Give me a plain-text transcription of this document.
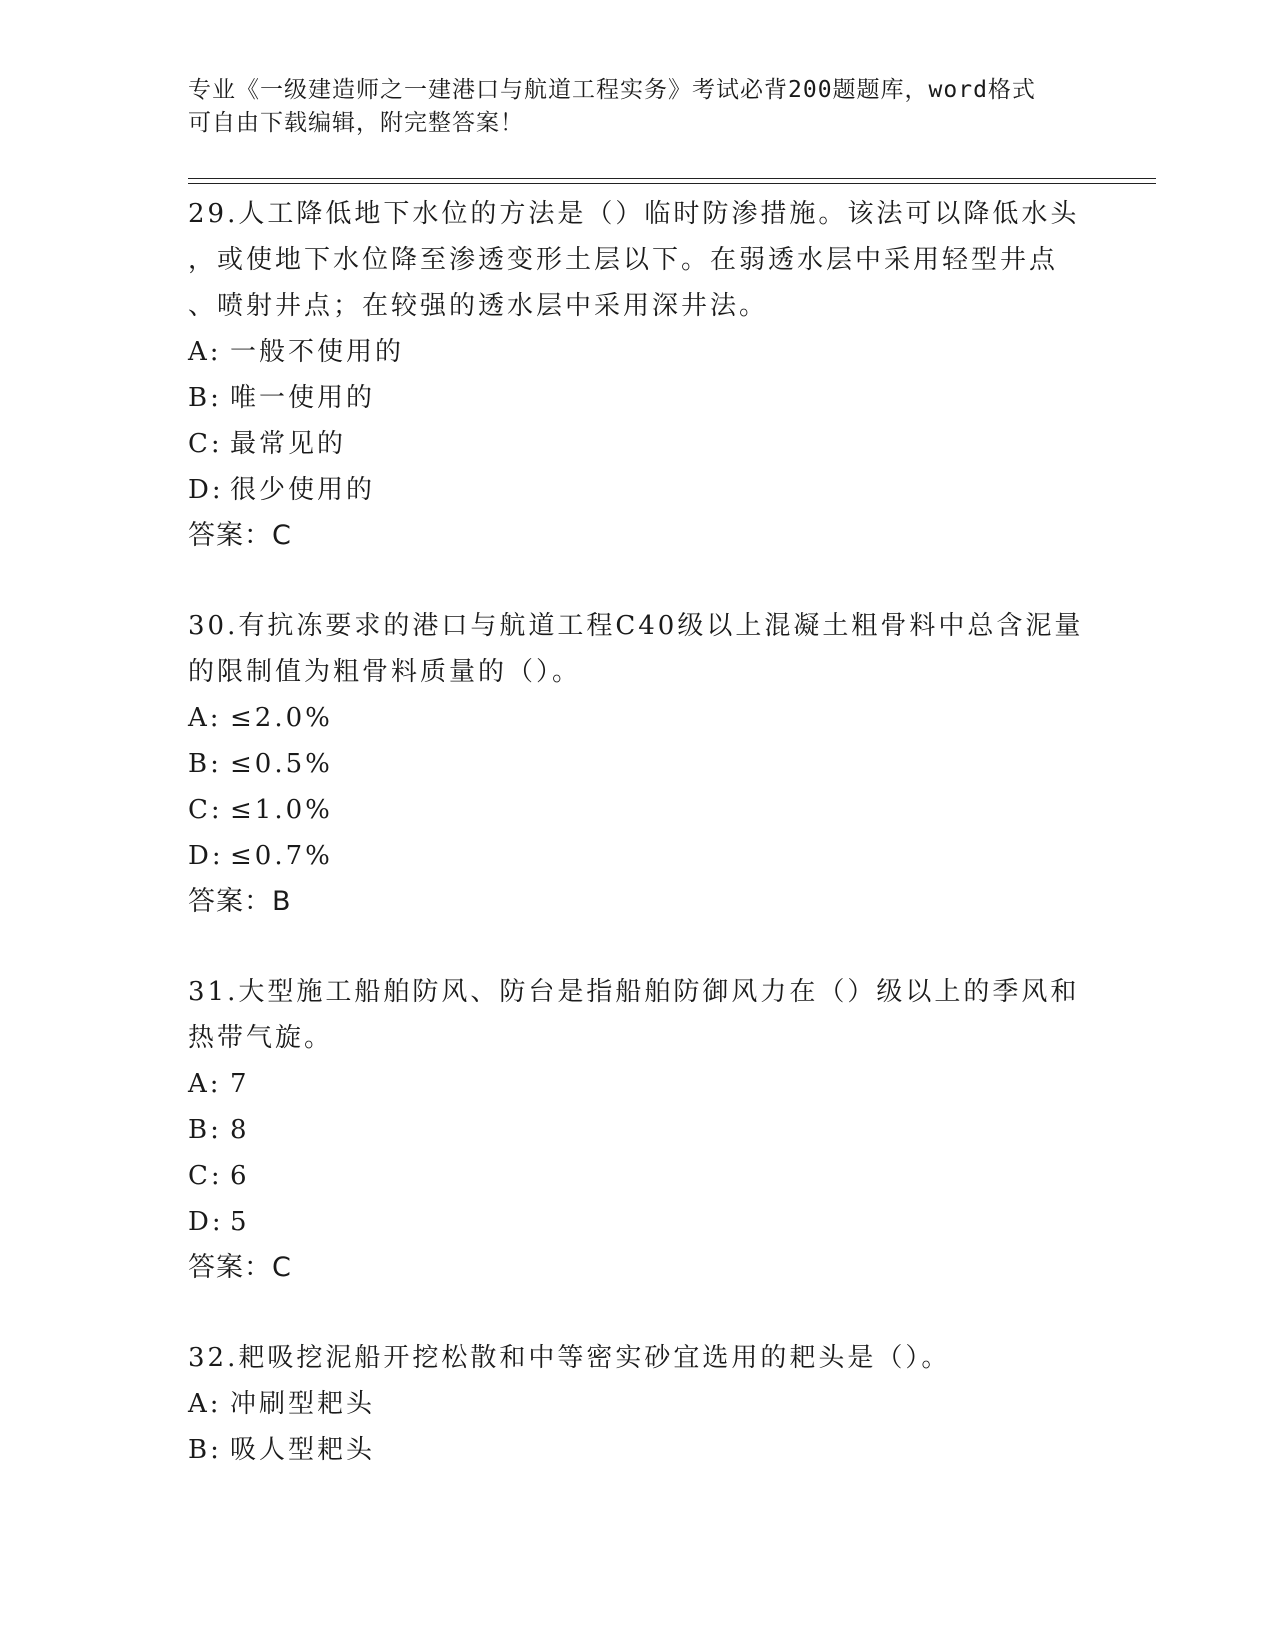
专业《一级建造师之一建港口与航道工程实务》考试必背200题题库，word格式
可自由下载编辑，附完整答案！
29.人工降低地下水位的方法是（）临时防渗措施。该法可以降低水头
，或使地下水位降至渗透变形土层以下。在弱透水层中采用轻型井点
、喷射井点；在较强的透水层中采用深井法。
A: 一般不使用的
B: 唯一使用的
C: 最常见的
D: 很少使用的
答案：C
30.有抗冻要求的港口与航道工程C40级以上混凝土粗骨料中总含泥量
的限制值为粗骨料质量的（）。
A: ≤2.0%
B: ≤0.5%
C: ≤1.0%
D: ≤0.7%
答案：B
31.大型施工船舶防风、防台是指船舶防御风力在（）级以上的季风和
热带气旋。
A: 7
B: 8
C: 6
D: 5
答案：C
32.耙吸挖泥船开挖松散和中等密实砂宜选用的耙头是（）。
A: 冲刷型耙头
B: 吸人型耙头
